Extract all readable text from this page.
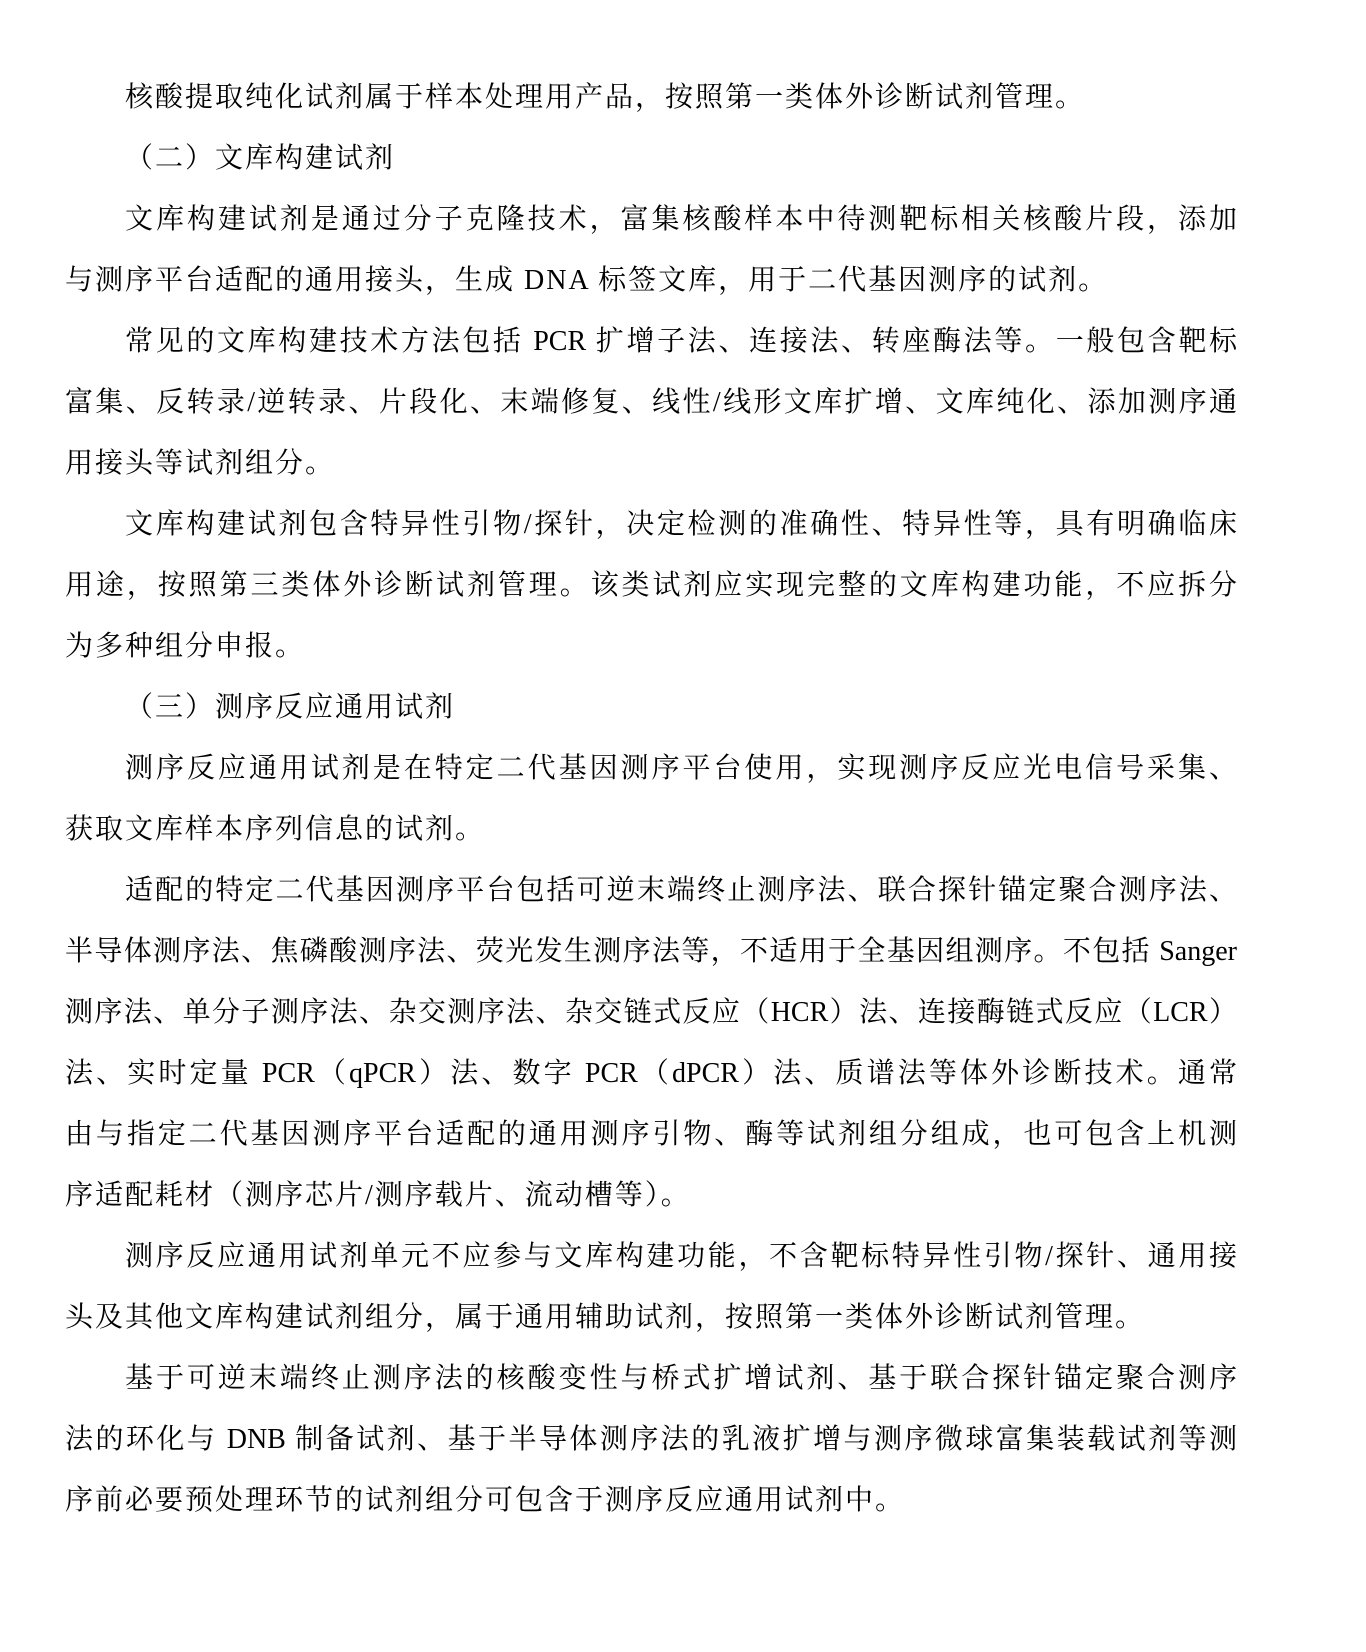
核酸提取纯化试剂属于样本处理用产品，按照第一类体外诊断试剂管理。
（二）文库构建试剂
文库构建试剂是通过分子克隆技术，富集核酸样本中待测靶标相关核酸片段，添加
与测序平台适配的通用接头，生成 DNA 标签文库，用于二代基因测序的试剂。
常见的文库构建技术方法包括 PCR 扩增子法、连接法、转座酶法等。一般包含靶标
富集、反转录/逆转录、片段化、末端修复、线性/线形文库扩增、文库纯化、添加测序通
用接头等试剂组分。
文库构建试剂包含特异性引物/探针，决定检测的准确性、特异性等，具有明确临床
用途，按照第三类体外诊断试剂管理。该类试剂应实现完整的文库构建功能，不应拆分
为多种组分申报。
（三）测序反应通用试剂
测序反应通用试剂是在特定二代基因测序平台使用，实现测序反应光电信号采集、
获取文库样本序列信息的试剂。
适配的特定二代基因测序平台包括可逆末端终止测序法、联合探针锚定聚合测序法、
半导体测序法、焦磷酸测序法、荧光发生测序法等，不适用于全基因组测序。不包括 Sanger
测序法、单分子测序法、杂交测序法、杂交链式反应（HCR）法、连接酶链式反应（LCR）
法、实时定量 PCR（qPCR）法、数字 PCR（dPCR）法、质谱法等体外诊断技术。通常
由与指定二代基因测序平台适配的通用测序引物、酶等试剂组分组成，也可包含上机测
序适配耗材（测序芯片/测序载片、流动槽等）。
测序反应通用试剂单元不应参与文库构建功能，不含靶标特异性引物/探针、通用接
头及其他文库构建试剂组分，属于通用辅助试剂，按照第一类体外诊断试剂管理。
基于可逆末端终止测序法的核酸变性与桥式扩增试剂、基于联合探针锚定聚合测序
法的环化与 DNB 制备试剂、基于半导体测序法的乳液扩增与测序微球富集装载试剂等测
序前必要预处理环节的试剂组分可包含于测序反应通用试剂中。
